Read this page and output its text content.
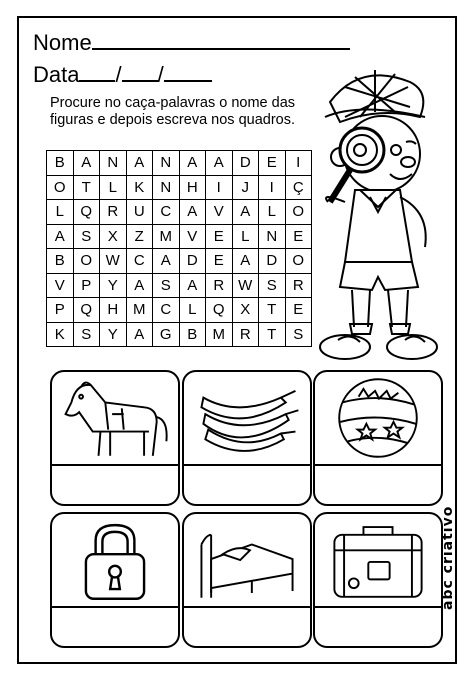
Nome
Data / /
Procure no caça-palavras o nome das figuras e depois escreva nos quadros.
B	A	N	A	N	A	A	D	E	I
O	T	L	K	N	H	I	J	I	Ç
L	Q	R	U	C	A	V	A	L	O
A	S	X	Z	M	V	E	L	N	E
B	O	W	C	A	D	E	A	D	O
V	P	Y	A	S	A	R	W	S	R
P	Q	H	M	C	L	Q	X	T	E
K	S	Y	A	G	B	M	R	T	S
abc criativo
